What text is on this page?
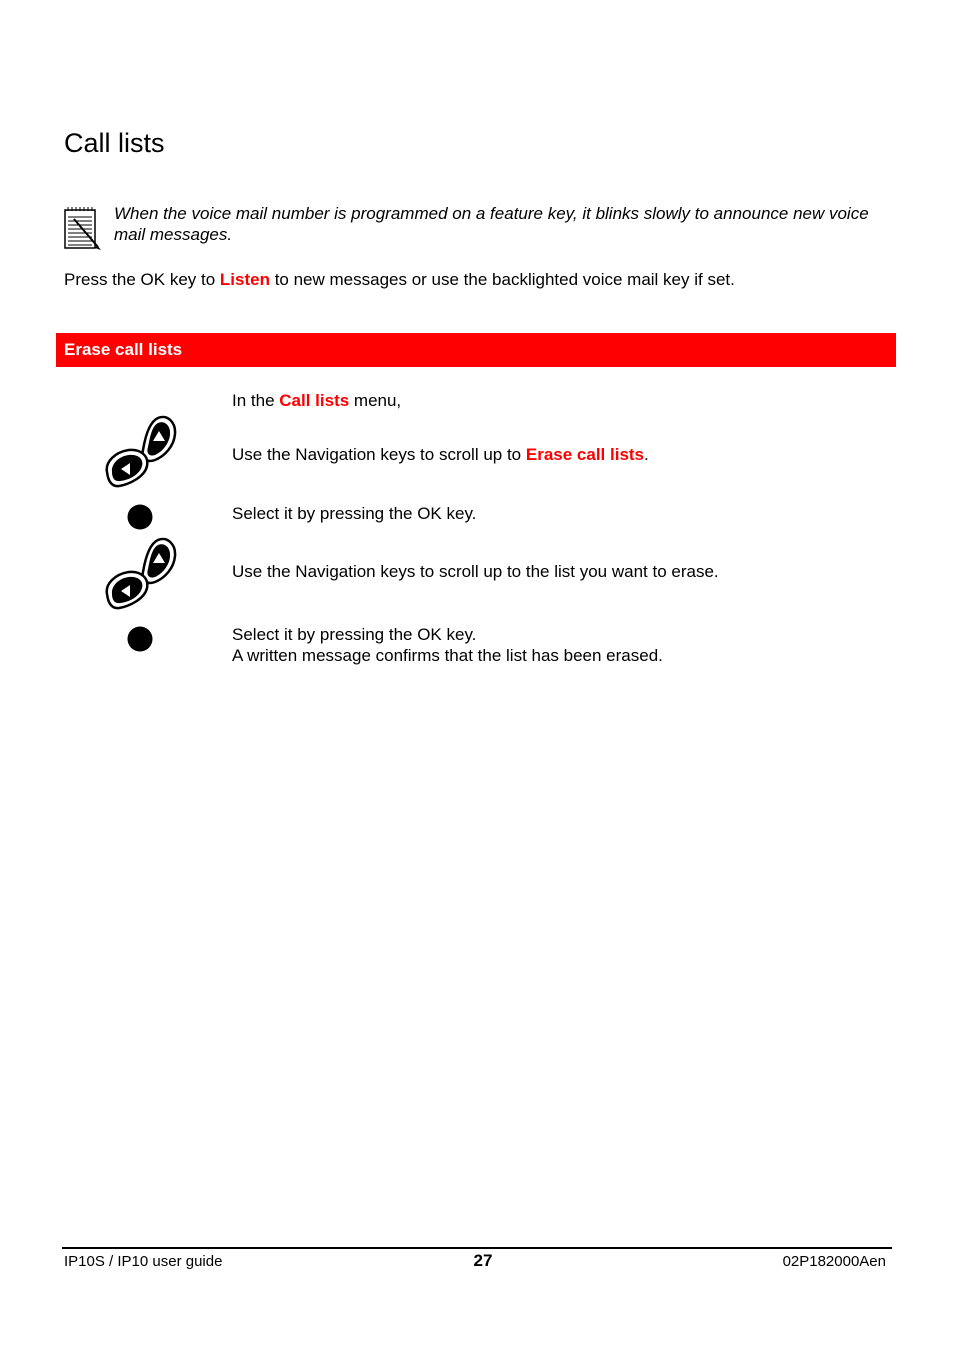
Call lists
When the voice mail number is programmed on a feature key, it blinks slowly to announce new voice mail messages.
Press the OK key to Listen to new messages or use the backlighted voice mail key if set.
Erase call lists
In the Call lists menu,
Use the Navigation keys to scroll up to Erase call lists.
Select it by pressing the OK key.
Use the Navigation keys to scroll up to the list you want to erase.
Select it by pressing the OK key.
A written message confirms that the list has been erased.
IP10S / IP10 user guide	27	02P182000Aen
